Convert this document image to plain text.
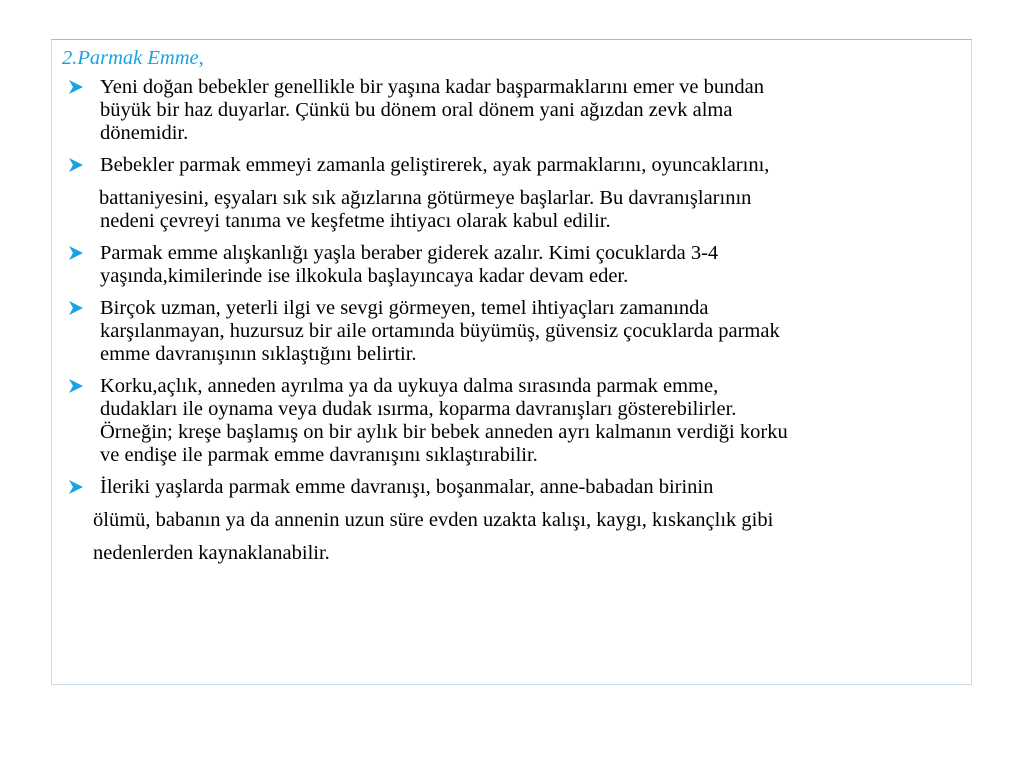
2.Parmak Emme,
Yeni doğan bebekler genellikle bir yaşına kadar başparmaklarını emer ve bundan
büyük bir haz duyarlar. Çünkü bu dönem oral dönem yani ağızdan zevk alma
dönemidir.
Bebekler parmak emmeyi zamanla geliştirerek, ayak parmaklarını, oyuncaklarını,
battaniyesini, eşyaları sık sık ağızlarına götürmeye başlarlar. Bu davranışlarının
nedeni çevreyi tanıma ve keşfetme ihtiyacı olarak kabul edilir.
Parmak emme alışkanlığı yaşla beraber giderek azalır. Kimi çocuklarda 3-4
yaşında,kimilerinde ise ilkokula başlayıncaya kadar devam eder.
Birçok uzman, yeterli ilgi ve sevgi görmeyen, temel ihtiyaçları zamanında
karşılanmayan, huzursuz bir aile ortamında büyümüş, güvensiz çocuklarda parmak
emme davranışının sıklaştığını belirtir.
Korku,açlık, anneden ayrılma ya da uykuya dalma sırasında parmak emme,
dudakları ile oynama veya dudak ısırma, koparma davranışları gösterebilirler.
Örneğin; kreşe başlamış on bir aylık bir bebek anneden ayrı kalmanın verdiği korku
ve endişe ile parmak emme davranışını sıklaştırabilir.
İleriki yaşlarda parmak emme davranışı, boşanmalar, anne-babadan birinin
ölümü, babanın ya da annenin uzun süre evden uzakta kalışı, kaygı, kıskançlık gibi
nedenlerden kaynaklanabilir.
